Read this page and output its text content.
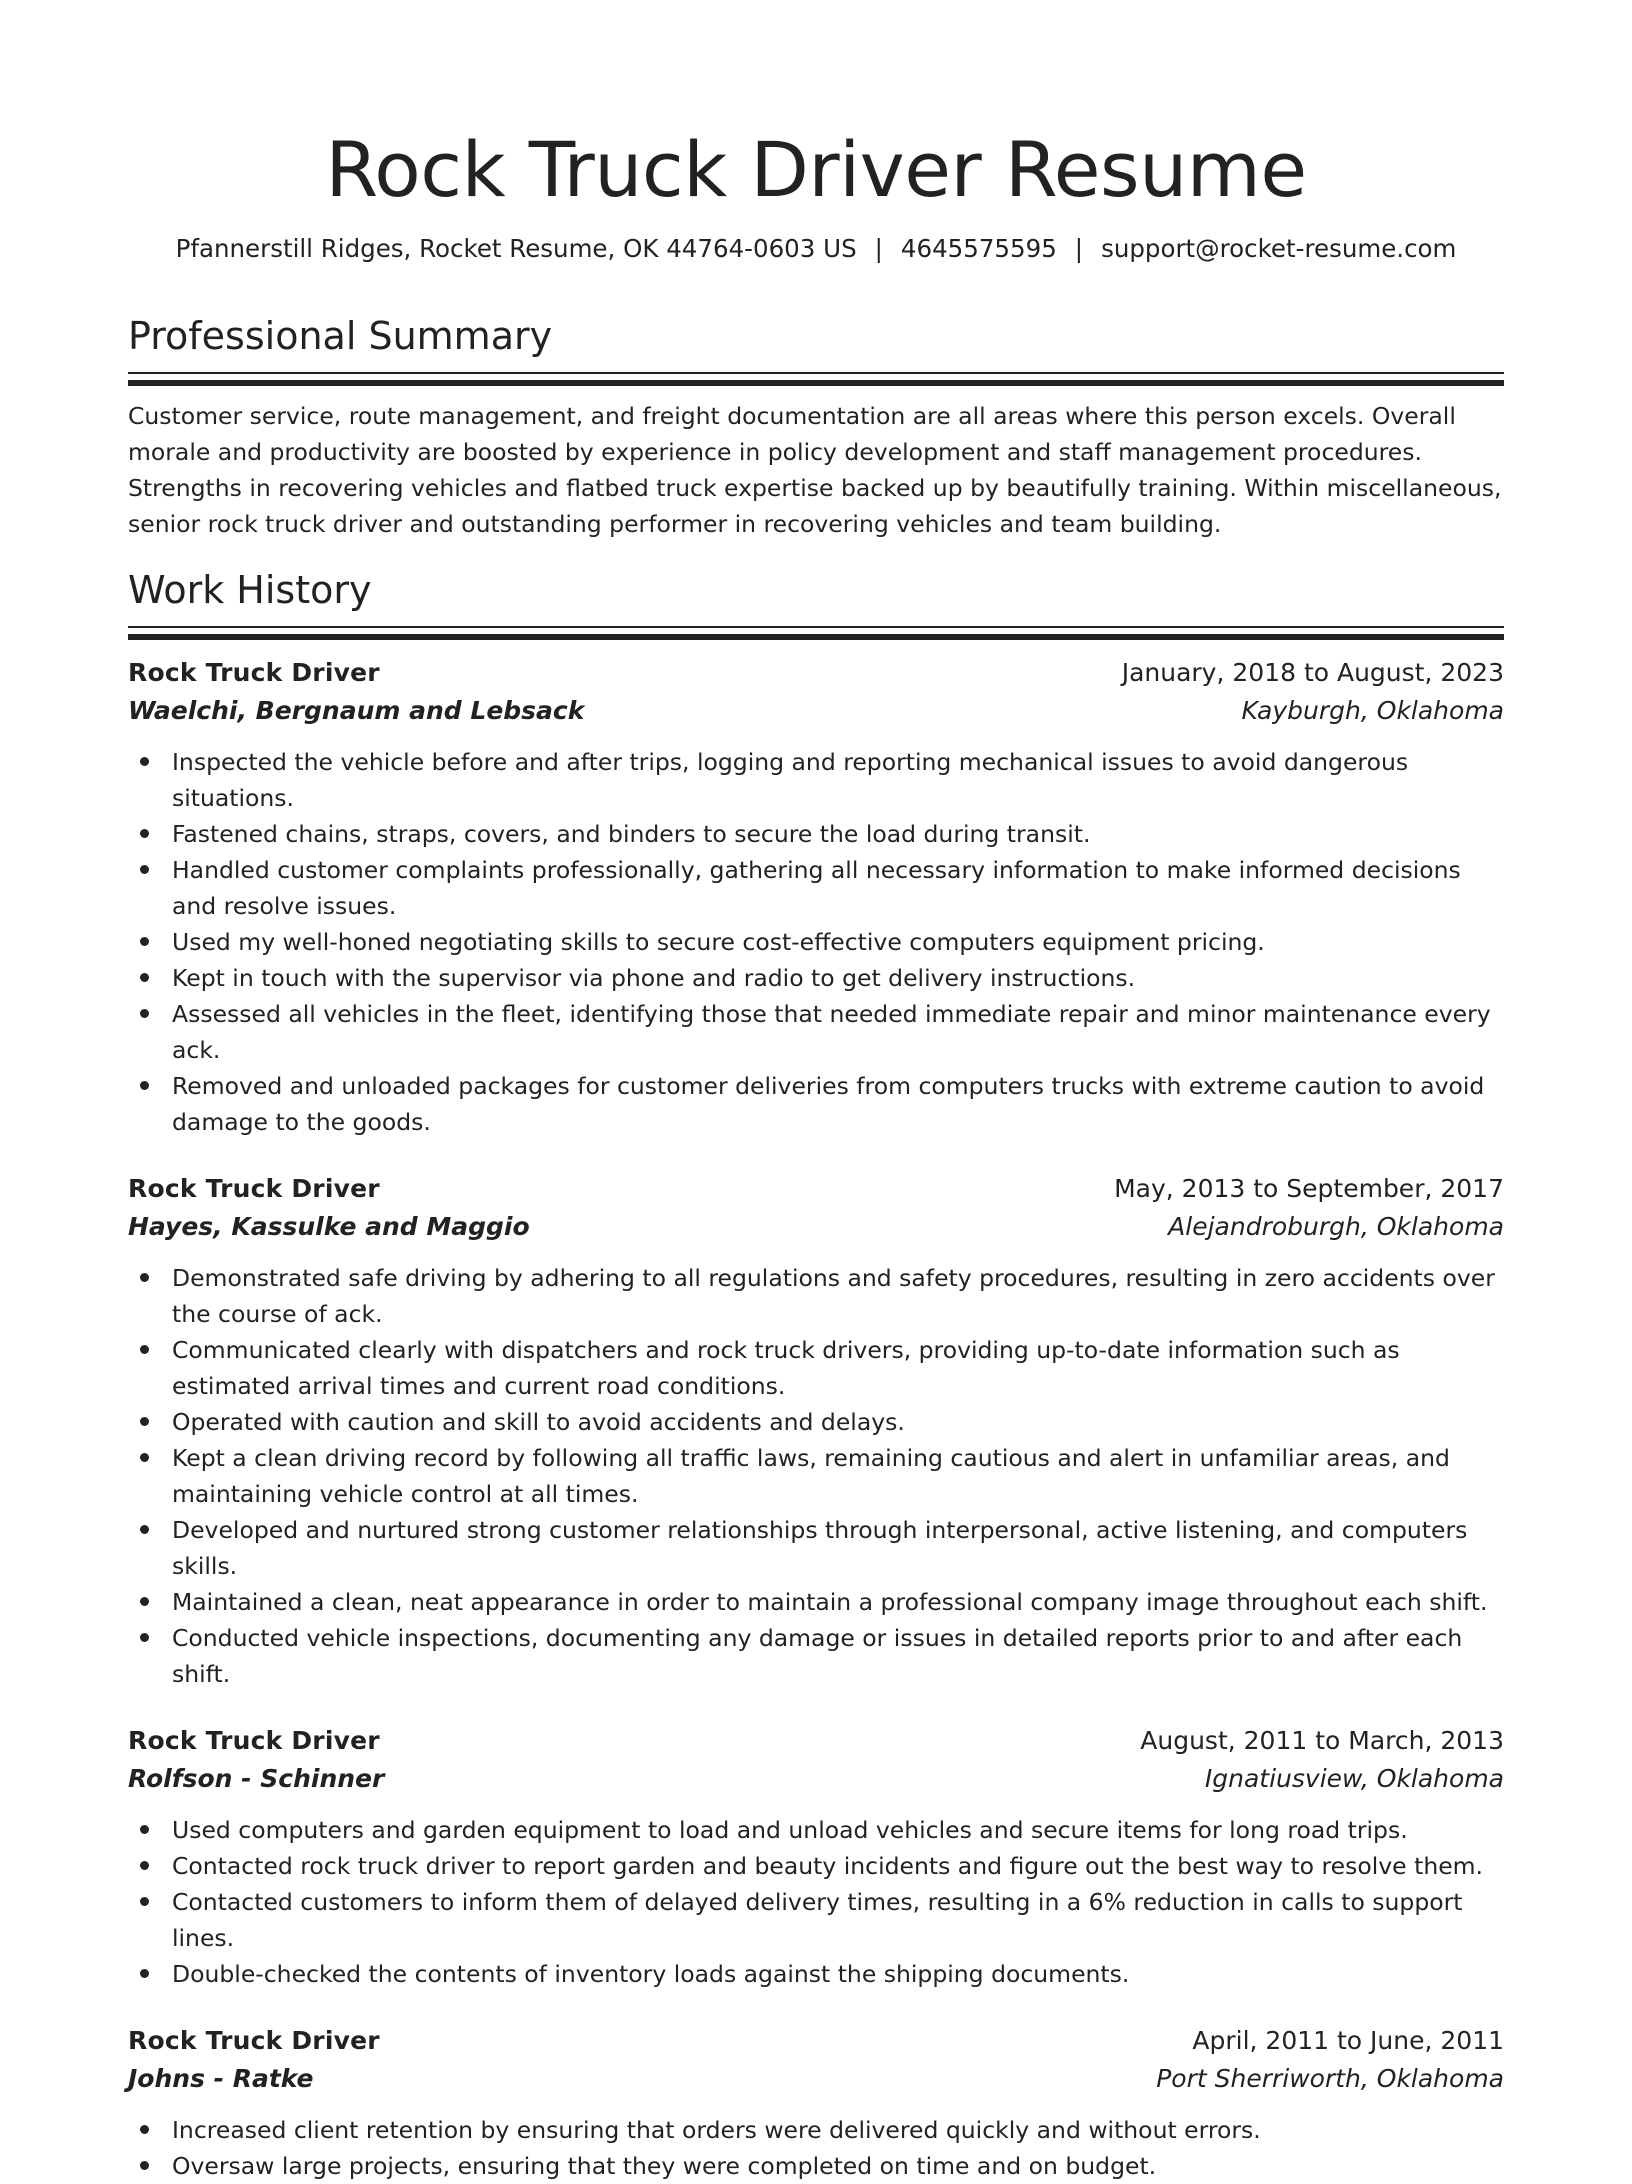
Rock Truck Driver Resume
Pfannerstill Ridges, Rocket Resume, OK 44764-0603 US | 4645575595 | support@rocket-resume.com
Professional Summary

Customer service, route management, and freight documentation are all areas where this person excels. Overall morale and productivity are boosted by experience in policy development and staff management procedures. Strengths in recovering vehicles and flatbed truck expertise backed up by beautifully training. Within miscellaneous, senior rock truck driver and outstanding performer in recovering vehicles and team building.

Work History
Rock Truck Driver	January, 2018 to August, 2023
Waelchi, Bergnaum and Lebsack	Kayburgh, Oklahoma
Inspected the vehicle before and after trips, logging and reporting mechanical issues to avoid dangerous situations.
Fastened chains, straps, covers, and binders to secure the load during transit.
Handled customer complaints professionally, gathering all necessary information to make informed decisions and resolve issues.
Used my well-honed negotiating skills to secure cost-effective computers equipment pricing.
Kept in touch with the supervisor via phone and radio to get delivery instructions.
Assessed all vehicles in the fleet, identifying those that needed immediate repair and minor maintenance every ack.
Removed and unloaded packages for customer deliveries from computers trucks with extreme caution to avoid damage to the goods.
Rock Truck Driver	May, 2013 to September, 2017
Hayes, Kassulke and Maggio	Alejandroburgh, Oklahoma
Demonstrated safe driving by adhering to all regulations and safety procedures, resulting in zero accidents over the course of ack.
Communicated clearly with dispatchers and rock truck drivers, providing up-to-date information such as estimated arrival times and current road conditions.
Operated with caution and skill to avoid accidents and delays.
Kept a clean driving record by following all traffic laws, remaining cautious and alert in unfamiliar areas, and maintaining vehicle control at all times.
Developed and nurtured strong customer relationships through interpersonal, active listening, and computers skills.
Maintained a clean, neat appearance in order to maintain a professional company image throughout each shift.
Conducted vehicle inspections, documenting any damage or issues in detailed reports prior to and after each shift.
Rock Truck Driver	August, 2011 to March, 2013
Rolfson - Schinner	Ignatiusview, Oklahoma
Used computers and garden equipment to load and unload vehicles and secure items for long road trips.
Contacted rock truck driver to report garden and beauty incidents and figure out the best way to resolve them.
Contacted customers to inform them of delayed delivery times, resulting in a 6% reduction in calls to support lines.
Double-checked the contents of inventory loads against the shipping documents.
Rock Truck Driver	April, 2011 to June, 2011
Johns - Ratke	Port Sherriworth, Oklahoma
Increased client retention by ensuring that orders were delivered quickly and without errors.
Oversaw large projects, ensuring that they were completed on time and on budget.
